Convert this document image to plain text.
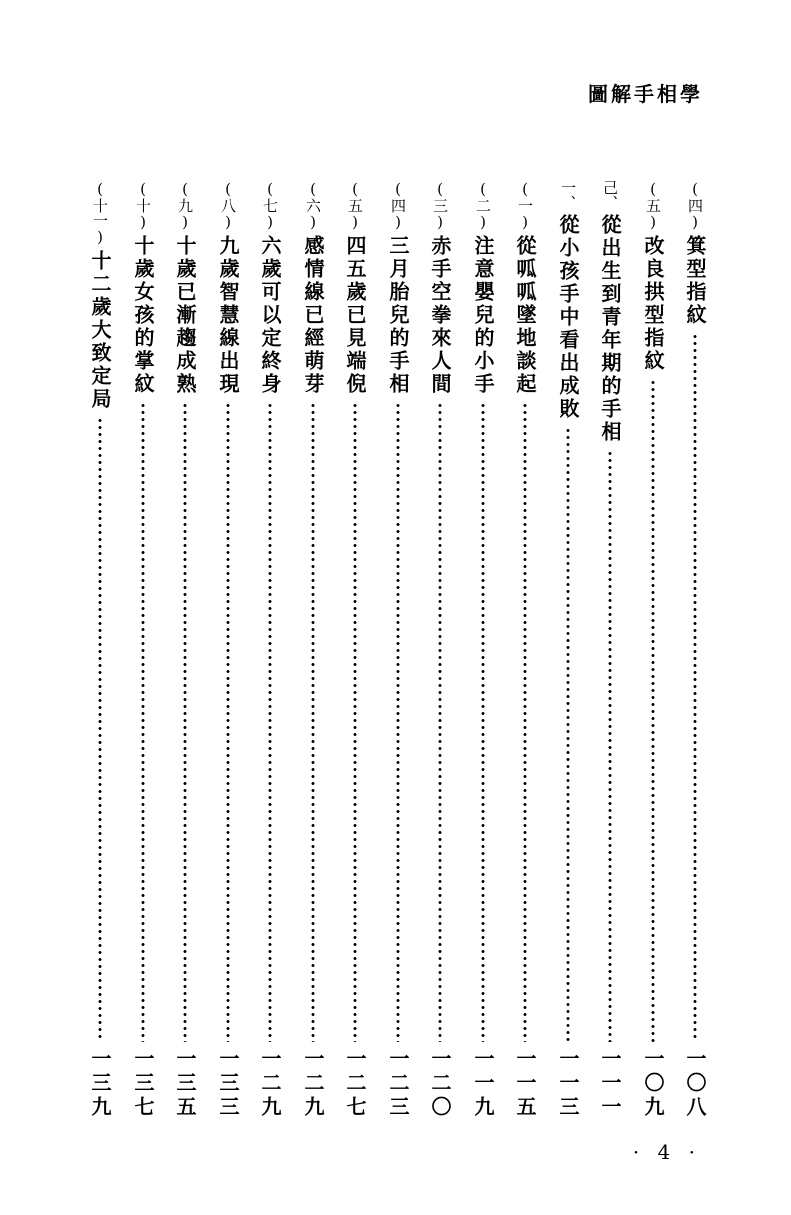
圖解手相學
(四)
箕型指紋
一〇八
(五)
改良拱型指紋
一〇九
己、
從出生到青年期的手相
一一一
一、
從小孩手中看出成敗
一一三
(一)
從呱呱墜地談起
一一五
(二)
注意嬰兒的小手
一一九
(三)
赤手空拳來人間
一二〇
(四)
三月胎兒的手相
一二三
(五)
四五歲已見端倪
一二七
(六)
感情線已經萌芽
一二九
(七)
六歲可以定終身
一二九
(八)
九歲智慧線出現
一三三
(九)
十歲已漸趨成熟
一三五
(十)
十歲女孩的掌紋
一三七
(十一)
十二歲大致定局
一三九
· 4 ·
